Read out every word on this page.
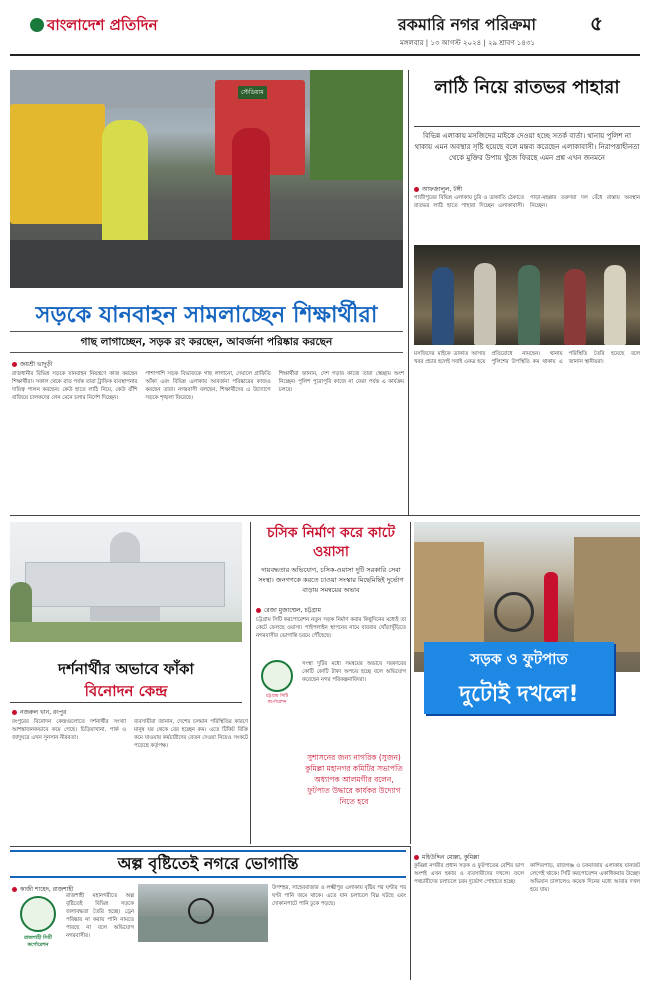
বাংলাদেশ প্রতিদিন	রকমারি নগর পরিক্রমা	৫
মঙ্গলবার | ১৩ আগস্ট ২০২৪ | ২৯ শ্রাবণ ১৪৩১
স্টেডিয়াম
সড়কে যানবাহন সামলাচ্ছেন শিক্ষার্থীরা
গাছ লাগাচ্ছেন, সড়ক রং করছেন, আবর্জনা পরিষ্কার করছেন
জয়শ্রী ভাদুড়ী

রাজধানীর বিভিন্ন সড়কে যানবাহন নিয়ন্ত্রণে কাজ করছেন শিক্ষার্থীরা। সকাল থেকে রাত পর্যন্ত তারা ট্রাফিক ব্যবস্থাপনার দায়িত্ব পালন করছেন। কেউ হাতে লাঠি নিয়ে, কেউ বাঁশি বাজিয়ে চালকদের লেন মেনে চলার নির্দেশ দিচ্ছেন।

পাশাপাশি সড়ক বিভাজকে গাছ লাগানো, দেয়ালে গ্রাফিতি আঁকা এবং বিভিন্ন এলাকার আবর্জনা পরিষ্কারের কাজও করছেন তারা। নগরবাসী বলছেন, শিক্ষার্থীদের এ উদ্যোগে সড়কে শৃঙ্খলা ফিরেছে।

শিক্ষার্থীরা জানান, দেশ গড়ার কাজে তারা স্বেচ্ছায় অংশ নিচ্ছেন। পুলিশ পুরোপুরি কাজে না ফেরা পর্যন্ত এ কার্যক্রম চলবে।

লাঠি নিয়ে রাতভর পাহারা
বিভিন্ন এলাকায় মসজিদের মাইকে দেওয়া হচ্ছে সতর্ক বার্তা। থানায় পুলিশ না থাকায় এমন অবস্থার সৃষ্টি হয়েছে বলে মন্তব্য করেছেন এলাকাবাসী। নিরাপত্তাহীনতা থেকে মুক্তির উপায় খুঁজে ফিরছে এমন প্রশ্ন এখন জনমনে
আফজালুল, টঙ্গী

গাজীপুরের বিভিন্ন এলাকায় চুরি ও ডাকাতি ঠেকাতে রাতভর লাঠি হাতে পাহারা দিচ্ছেন এলাকাবাসী। পাড়া-মহল্লার তরুণরা দল বেঁধে রাস্তায় অবস্থান নিচ্ছেন।

মসজিদের মাইকে ডাকাত আসার খবর প্রচার হলেই সবাই একত্র হয়ে প্রতিরোধে নামছেন। থানায় পুলিশের উপস্থিতি কম থাকায় এ পরিস্থিতি তৈরি হয়েছে বলে জানান স্থানীয়রা।

দর্শনার্থীর অভাবে ফাঁকা
বিনোদন কেন্দ্র
নজরুল খান, রংপুর

রংপুরের বিনোদন কেন্দ্রগুলোতে দর্শনার্থীর সংখ্যা আশঙ্কাজনকভাবে কমে গেছে। চিড়িয়াখানা, পার্ক ও জাদুঘরে এখন সুনসান নীরবতা।

ব্যবসায়ীরা জানান, দেশের চলমান পরিস্থিতির কারণে মানুষ ঘর থেকে বের হচ্ছেন কম। এতে টিকিট বিক্রি কমে যাওয়ায় কর্মচারীদের বেতন দেওয়া নিয়েও সংকটে পড়েছে কর্তৃপক্ষ।

চসিক নির্মাণ করে কাটে ওয়াসা
দায়বদ্ধতার অভিযোগ, চসিক-ওয়াসা দুটি সরকারি সেবা সংস্থা। জনগণকে করতে চাওয়া সংস্কার মিছেমিছিই দুর্ভোগ বাড়ায় সমন্বয়ের অভাব
রেজা মুজাম্মেল, চট্টগ্রাম

চট্টগ্রাম সিটি করপোরেশন নতুন সড়ক নির্মাণ করার কিছুদিনের মধ্যেই তা কেটে ফেলছে ওয়াসা। পাইপলাইন স্থাপনের নামে বারবার খোঁড়াখুঁড়িতে নগরবাসীর ভোগান্তি চরমে পৌঁছেছে।

চট্টগ্রাম সিটি কর্পোরেশন

সংস্থা দুটির মধ্যে সমন্বয়ের অভাবে সরকারের কোটি কোটি টাকা অপচয় হচ্ছে বলে অভিযোগ করেছেন নগর পরিকল্পনাবিদরা।

সড়ক ও ফুটপাত
দুটোই দখলে!
মহিউদ্দিন মোল্লা, কুমিল্লা
সুশাসনের জন্য নাগরিক (সুজন) কুমিল্লা মহানগর কমিটির সভাপতি অধ্যাপক আলমগীর বলেন, ফুটপাত উদ্ধারে কার্যকর উদ্যোগ নিতে হবে

কুমিল্লা নগরীর প্রধান সড়ক ও ফুটপাতের বেশির ভাগ অংশই এখন হকার ও ব্যবসায়ীদের দখলে। ফলে পথচারীদের চলাচলে চরম দুর্ভোগ পোহাতে হচ্ছে।

কান্দিরপাড়, রাজগঞ্জ ও চকবাজার এলাকায় যানজট লেগেই থাকে। সিটি করপোরেশন একাধিকবার উচ্ছেদ অভিযান চালালেও কয়েক দিনের মধ্যে আবার দখল হয়ে যায়।

অল্প বৃষ্টিতেই নগরে ভোগান্তি
কাজী শাহেদ, রাজশাহী
রাজশাহী সিটি কর্পোরেশন

রাজশাহী মহানগরীতে অল্প বৃষ্টিতেই বিভিন্ন সড়কে জলাবদ্ধতা তৈরি হচ্ছে। ড্রেন পরিষ্কার না করায় পানি নামতে পারছে না বলে অভিযোগ নগরবাসীর।

উপশহর, সাহেববাজার ও লক্ষ্মীপুর এলাকায় বৃষ্টির পর ঘণ্টার পর ঘণ্টা পানি জমে থাকে। এতে যান চলাচলে বিঘ্ন ঘটছে এবং দোকানপাটে পানি ঢুকে পড়ছে।
